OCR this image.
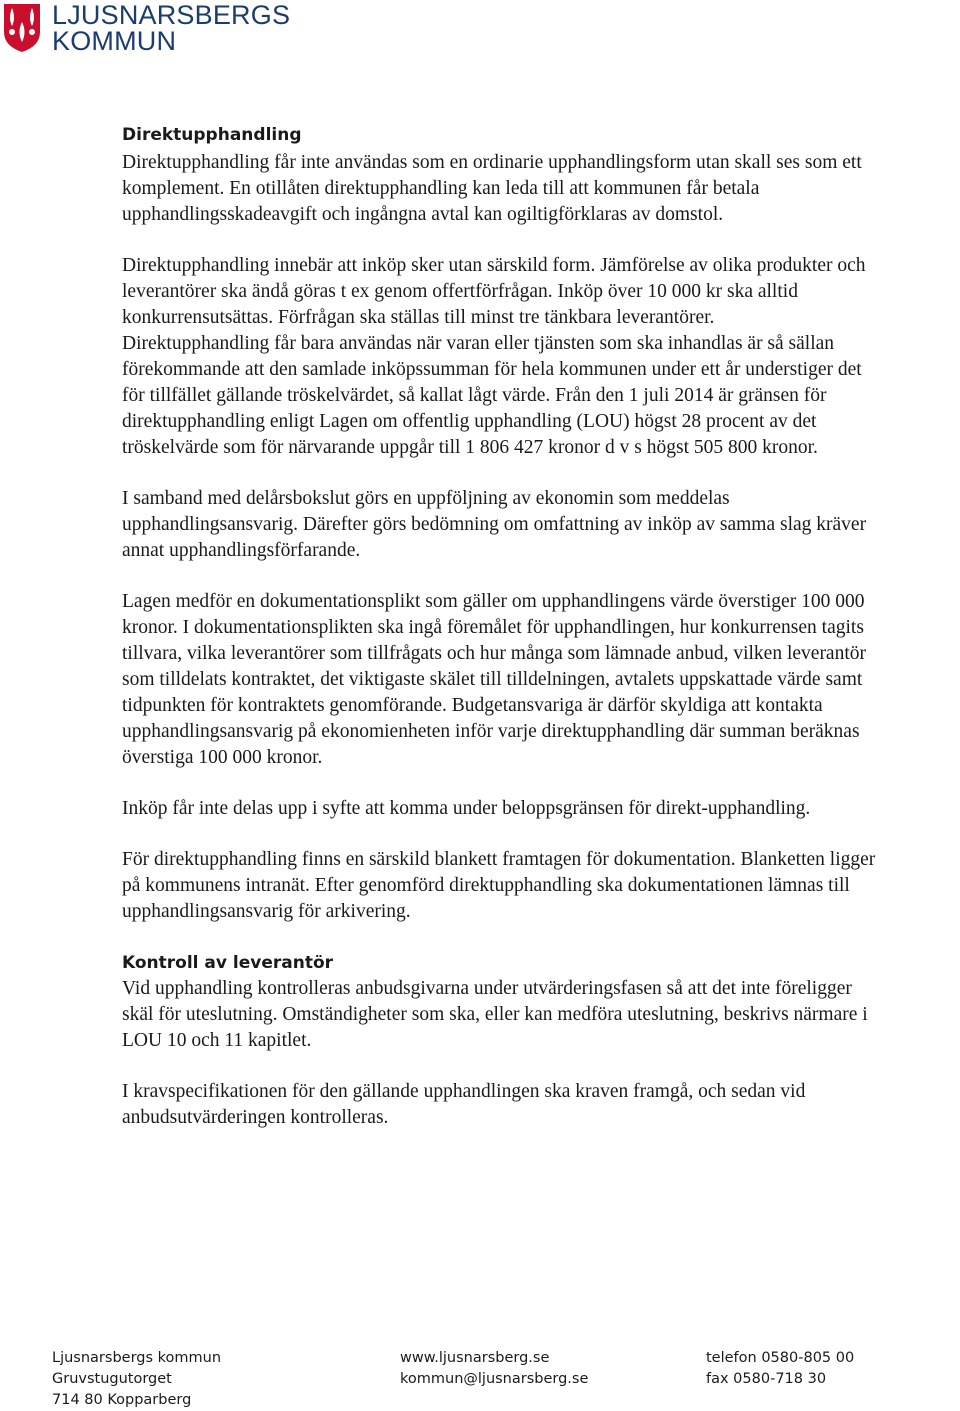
LJUSNARSBERGS
KOMMUN
Direktupphandling

Direktupphandling får inte användas som en ordinarie upphandlingsform utan skall ses som ett komplement. En otillåten direktupphandling kan leda till att kommunen får betala upphandlingsskadeavgift och ingångna avtal kan ogiltigförklaras av domstol.

Direktupphandling innebär att inköp sker utan särskild form. Jämförelse av olika produkter och leverantörer ska ändå göras t ex genom offertförfrågan. Inköp över 10 000 kr ska alltid konkurrensutsättas. Förfrågan ska ställas till minst tre tänkbara leverantörer.

Direktupphandling får bara användas när varan eller tjänsten som ska inhandlas är så sällan förekommande att den samlade inköpssumman för hela kommunen under ett år understiger det för tillfället gällande tröskelvärdet, så kallat lågt värde. Från den 1 juli 2014 är gränsen för direktupphandling enligt Lagen om offentlig upphandling (LOU) högst 28 procent av det tröskelvärde som för närvarande uppgår till 1 806 427 kronor d v s högst 505 800 kronor.

I samband med delårsbokslut görs en uppföljning av ekonomin som meddelas upphandlingsansvarig. Därefter görs bedömning om omfattning av inköp av samma slag kräver annat upphandlingsförfarande.

Lagen medför en dokumentationsplikt som gäller om upphandlingens värde överstiger 100 000 kronor. I dokumentationsplikten ska ingå föremålet för upphandlingen, hur konkurrensen tagits tillvara, vilka leverantörer som tillfrågats och hur många som lämnade anbud, vilken leverantör som tilldelats kontraktet, det viktigaste skälet till tilldelningen, avtalets uppskattade värde samt tidpunkten för kontraktets genomförande. Budgetansvariga är därför skyldiga att kontakta upphandlingsansvarig på ekonomienheten inför varje direktupphandling där summan beräknas överstiga 100 000 kronor.

Inköp får inte delas upp i syfte att komma under beloppsgränsen för direkt-upphandling.

För direktupphandling finns en särskild blankett framtagen för dokumentation. Blanketten ligger på kommunens intranät. Efter genomförd direktupphandling ska dokumentationen lämnas till upphandlingsansvarig för arkivering.

Kontroll av leverantör

Vid upphandling kontrolleras anbudsgivarna under utvärderingsfasen så att det inte föreligger skäl för uteslutning. Omständigheter som ska, eller kan medföra uteslutning, beskrivs närmare i LOU 10 och 11 kapitlet.

I kravspecifikationen för den gällande upphandlingen ska kraven framgå, och sedan vid anbudsutvärderingen kontrolleras.

Ljusnarsbergs kommun
Gruvstugutorget
714 80 Kopparberg
www.ljusnarsberg.se
kommun@ljusnarsberg.se
telefon 0580-805 00
fax 0580-718 30
